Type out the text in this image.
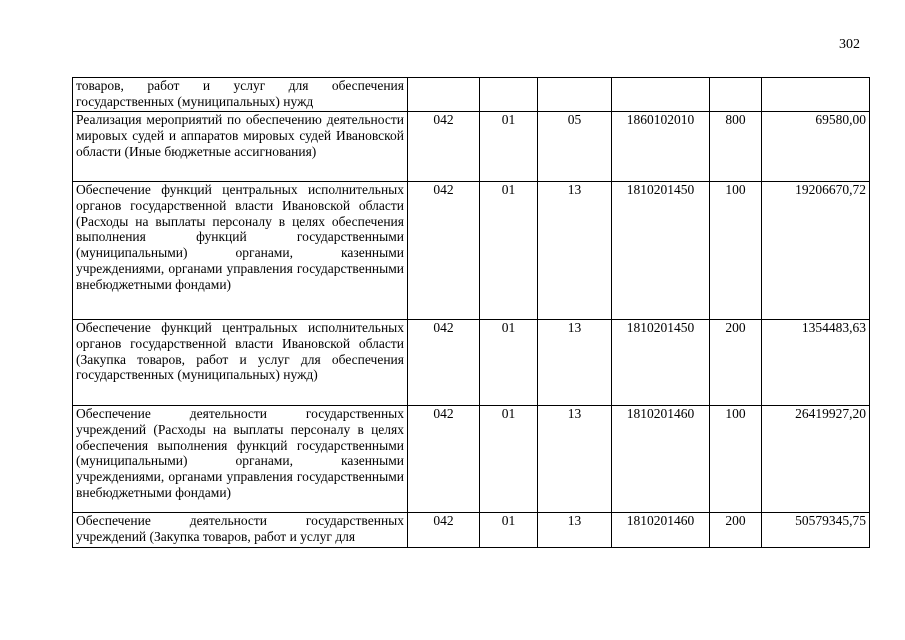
302
товаров, работ и услуг для обеспечения государственных (муниципальных) нужд						
Реализация мероприятий по обеспечению деятельности мировых судей и аппаратов мировых судей Ивановской области (Иные бюджетные ассигнования)	042	01	05	1860102010	800	69580,00
Обеспечение функций центральных исполнительных органов государственной власти Ивановской области (Расходы на выплаты персоналу в целях обеспечения выполнения функций государственными (муниципальными) органами, казенными учреждениями, органами управления государственными внебюджетными фондами)	042	01	13	1810201450	100	19206670,72
Обеспечение функций центральных исполнительных органов государственной власти Ивановской области (Закупка товаров, работ и услуг для обеспечения государственных (муниципальных) нужд)	042	01	13	1810201450	200	1354483,63
Обеспечение деятельности государственных учреждений (Расходы на выплаты персоналу в целях обеспечения выполнения функций государственными (муниципальными) органами, казенными учреждениями, органами управления государственными внебюджетными фондами)	042	01	13	1810201460	100	26419927,20
Обеспечение деятельности государственных учреждений (Закупка товаров, работ и услуг для	042	01	13	1810201460	200	50579345,75
